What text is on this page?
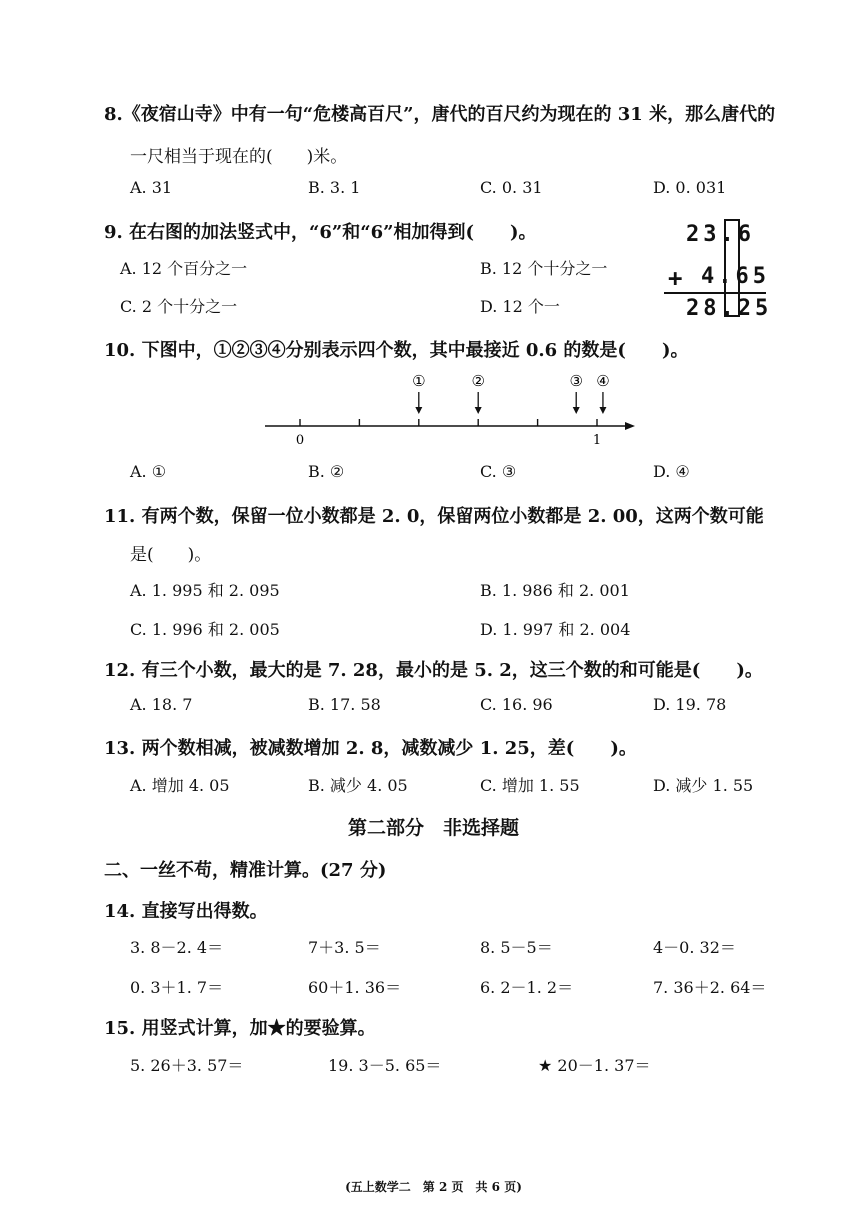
8.《夜宿山寺》中有一句“危楼高百尺”，唐代的百尺约为现在的 31 米，那么唐代的
一尺相当于现在的(　　)米。
A. 31	B. 3. 1	C. 0. 31	D. 0. 031
9. 在右图的加法竖式中，“6”和“6”相加得到(　　)。
A. 12 个百分之一	B. 12 个十分之一
C. 2 个十分之一	D. 12 个一
23.6
+ 4.65
28.25
10. 下图中，①②③④分别表示四个数，其中最接近 0.6 的数是(　　)。
①	②	③ ④
0	1
A. ①	B. ②	C. ③	D. ④
11. 有两个数，保留一位小数都是 2. 0，保留两位小数都是 2. 00，这两个数可能
是(　　)。
A. 1. 995 和 2. 095	B. 1. 986 和 2. 001
C. 1. 996 和 2. 005	D. 1. 997 和 2. 004
12. 有三个小数，最大的是 7. 28，最小的是 5. 2，这三个数的和可能是(　　)。
A. 18. 7	B. 17. 58	C. 16. 96	D. 19. 78
13. 两个数相减，被减数增加 2. 8，减数减少 1. 25，差(　　)。
A. 增加 4. 05	B. 减少 4. 05	C. 增加 1. 55	D. 减少 1. 55
第二部分　非选择题
二、一丝不苟，精准计算。(27 分)
14. 直接写出得数。
3. 8－2. 4＝	7＋3. 5＝	8. 5－5＝	4－0. 32＝
0. 3＋1. 7＝	60＋1. 36＝	6. 2－1. 2＝	7. 36＋2. 64＝
15. 用竖式计算，加★的要验算。
5. 26＋3. 57＝	19. 3－5. 65＝	★ 20－1. 37＝
(五上数学二　第 2 页　共 6 页)
